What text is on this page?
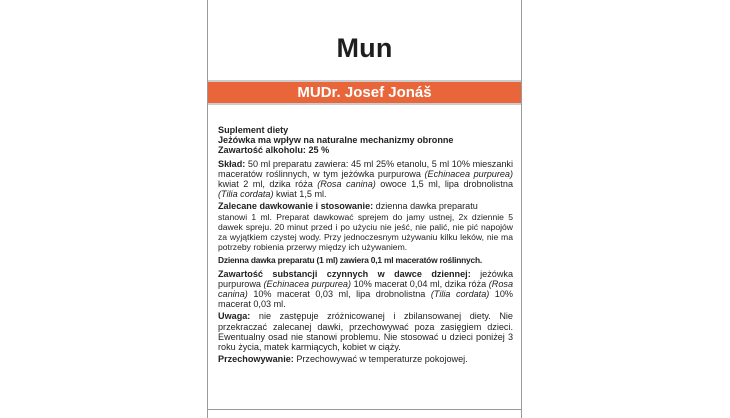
Mun
MUDr. Josef Jonáš

Suplement diety
Jeżówka ma wpływ na naturalne mechanizmy obronne
Zawartość alkoholu: 25 %

Skład: 50 ml preparatu zawiera: 45 ml 25% etanolu, 5 ml 10% mieszanki maceratów roślinnych, w tym jeżówka purpurowa (Echinacea purpurea) kwiat 2 ml, dzika róża (Rosa canina) owoce 1,5 ml, lipa drobnolistna (Tilia cordata) kwiat 1,5 ml.

Zalecane dawkowanie i stosowanie: dzienna dawka preparatu
stanowi 1 ml. Preparat dawkować sprejem do jamy ustnej, 2x dziennie 5 dawek spreju. 20 minut przed i po użyciu nie jeść, nie palić, nie pić napojów za wyjątkiem czystej wody. Przy jednoczesnym używaniu kilku leków, nie ma potrzeby robienia przerwy między ich używaniem.

Dzienna dawka preparatu (1 ml) zawiera 0,1 ml maceratów roślinnych.

Zawartość substancji czynnych w dawce dziennej: jeżówka purpurowa (Echinacea purpurea) 10% macerat 0,04 ml, dzika róża (Rosa canina) 10% macerat 0,03 ml, lipa drobnolistna (Tilia cordata) 10% macerat 0,03 ml.

Uwaga: nie zastępuje zróżnicowanej i zbilansowanej diety. Nie przekraczać zalecanej dawki, przechowywać poza zasięgiem dzieci. Ewentualny osad nie stanowi problemu. Nie stosować u dzieci poniżej 3 roku życia, matek karmiących, kobiet w ciąży.

Przechowywanie: Przechowywać w temperaturze pokojowej.
